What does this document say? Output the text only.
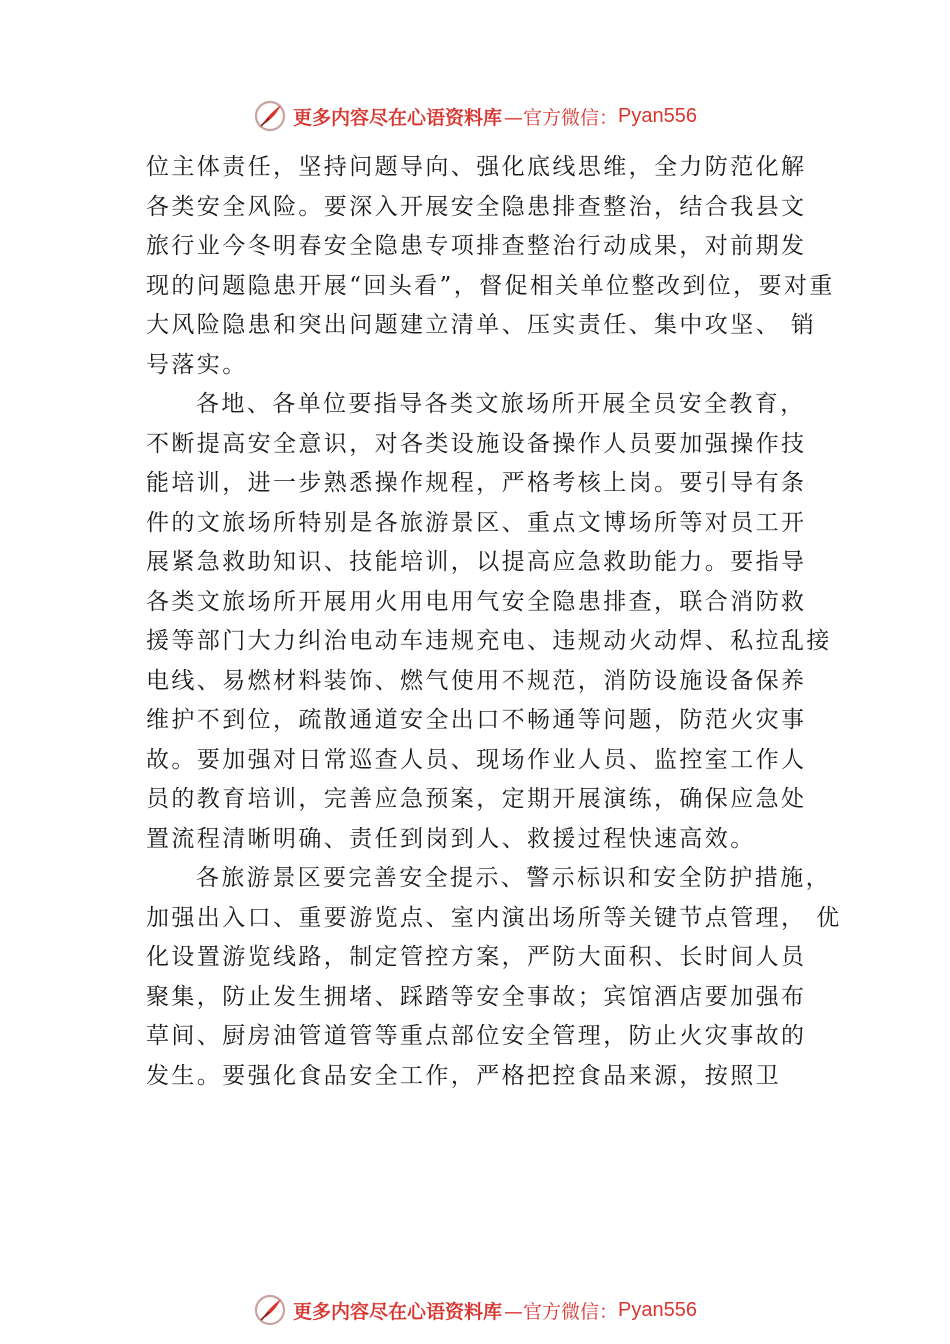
更多内容尽在心语资料库 —官方微信： Pyan556
位主体责任，坚持问题导向、强化底线思维，全力防范化解
各类安全风险。要深入开展安全隐患排查整治，结合我县文
旅行业今冬明春安全隐患专项排查整治行动成果，对前期发
现的问题隐患开展“回头看”，督促相关单位整改到位，要对重
大风险隐患和突出问题建立清单、压实责任、集中攻坚、 销
号落实。
各地、各单位要指导各类文旅场所开展全员安全教育，
不断提高安全意识，对各类设施设备操作人员要加强操作技
能培训，进一步熟悉操作规程，严格考核上岗。要引导有条
件的文旅场所特别是各旅游景区、重点文博场所等对员工开
展紧急救助知识、技能培训，以提高应急救助能力。要指导
各类文旅场所开展用火用电用气安全隐患排查，联合消防救
援等部门大力纠治电动车违规充电、违规动火动焊、私拉乱接
电线、易燃材料装饰、燃气使用不规范，消防设施设备保养
维护不到位，疏散通道安全出口不畅通等问题，防范火灾事
故。要加强对日常巡查人员、现场作业人员、监控室工作人
员的教育培训，完善应急预案，定期开展演练，确保应急处
置流程清晰明确、责任到岗到人、救援过程快速高效。
各旅游景区要完善安全提示、警示标识和安全防护措施，
加强出入口、重要游览点、室内演出场所等关键节点管理， 优
化设置游览线路，制定管控方案，严防大面积、长时间人员
聚集，防止发生拥堵、踩踏等安全事故；宾馆酒店要加强布
草间、厨房油管道管等重点部位安全管理，防止火灾事故的
发生。要强化食品安全工作，严格把控食品来源，按照卫
更多内容尽在心语资料库 —官方微信： Pyan556
